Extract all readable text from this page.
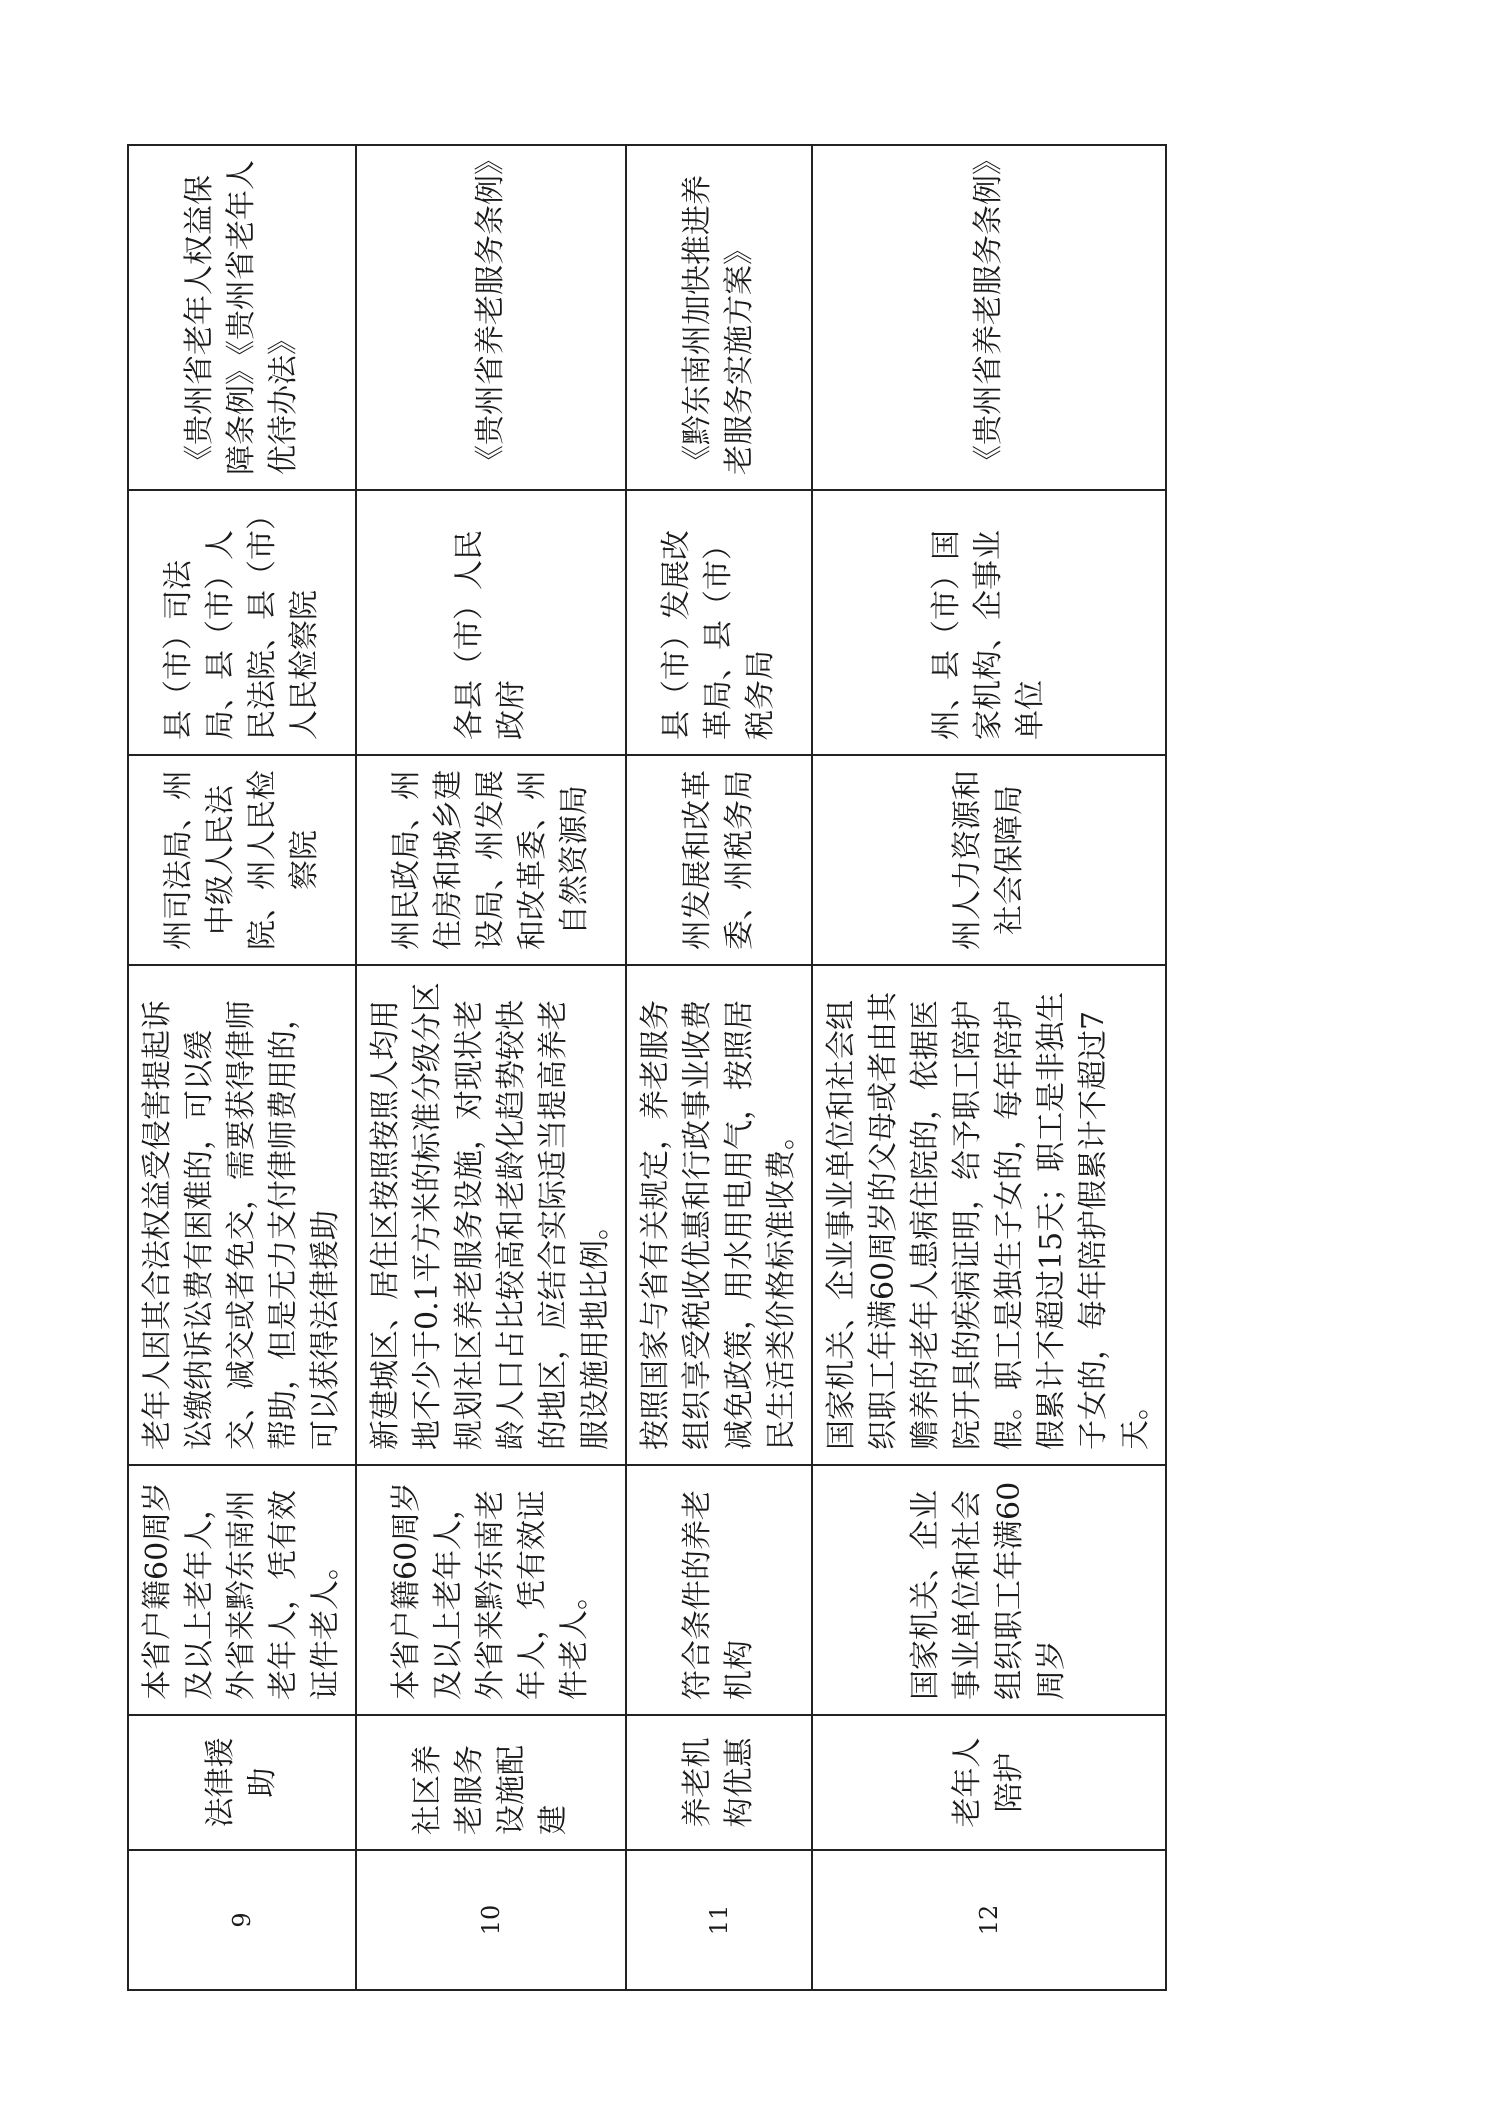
9	法律援助	本省户籍60周岁及以上老年人，外省来黔东南州老年人，凭有效证件老人。	老年人因其合法权益受侵害提起诉讼缴纳诉讼费有困难的，可以缓交、减交或者免交，需要获得律师帮助，但是无力支付律师费用的，可以获得法律援助	州司法局、州中级人民法院、州人民检察院	县（市）司法局、县（市）人民法院、县（市）人民检察院	《贵州省老年人权益保障条例》《贵州省老年人优待办法》
10	社区养老服务设施配建	本省户籍60周岁及以上老年人，外省来黔东南老年人，凭有效证件老人。	新建城区、居住区按照按照人均用地不少于0.1平方米的标准分级分区规划社区养老服务设施，对现状老龄人口占比较高和老龄化趋势较快的地区，应结合实际适当提高养老服设施用地比例。	州民政局、州住房和城乡建设局、州发展和改革委、州自然资源局	各县（市）人民政府	《贵州省养老服务条例》
11	养老机构优惠	符合条件的养老机构	按照国家与省有关规定，养老服务组织享受税收优惠和行政事业收费减免政策，用水用电用气，按照居民生活类价格标准收费。	州发展和改革委、州税务局	县（市）发展改革局、县（市）税务局	《黔东南州加快推进养老服务实施方案》
12	老年人陪护	国家机关、企业事业单位和社会组织职工年满60周岁	国家机关、企业事业单位和社会组织职工年满60周岁的父母或者由其赡养的老年人患病住院的，依据医院开具的疾病证明，给予职工陪护假。职工是独生子女的，每年陪护假累计不超过15天；职工是非独生子女的，每年陪护假累计不超过7天。	州人力资源和社会保障局	州、县（市）国家机构、企事业单位	《贵州省养老服务条例》
